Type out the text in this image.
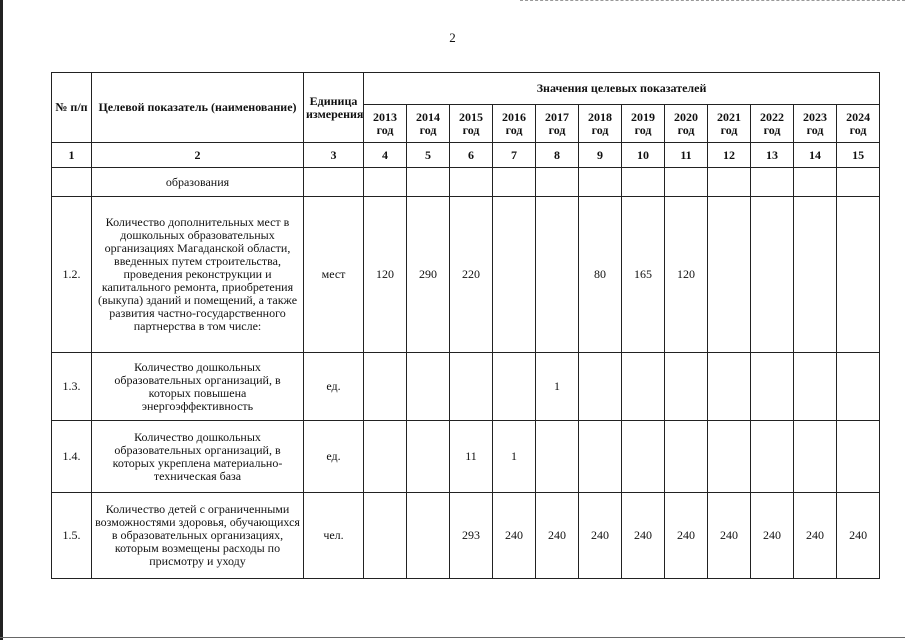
2
№ п/п	Целевой показатель (наименование)	Единица измерения	Значения целевых показателей											
			2013 год	2014 год	2015 год	2016 год	2017 год	2018 год	2019 год	2020 год	2021 год	2022 год	2023 год	2024 год
1	2	3	4	5	6	7	8	9	10	11	12	13	14	15
	образования													
1.2.	Количество дополнительных мест в дошкольных образовательных организациях Магаданской области, введенных путем строительства, проведения реконструкции и капитального ремонта, приобретения (выкупа) зданий и помещений, а также развития частно-государственного партнерства в том числе:	мест	120	290	220			80	165	120				
1.3.	Количество дошкольных образовательных организаций, в которых повышена энергоэффективность	ед.					1							
1.4.	Количество дошкольных образовательных организаций, в которых укреплена материально-техническая база	ед.			11	1								
1.5.	Количество детей с ограниченными возможностями здоровья, обучающихся в образовательных организациях, которым возмещены расходы по присмотру и уходу	чел.			293	240	240	240	240	240	240	240	240	240
